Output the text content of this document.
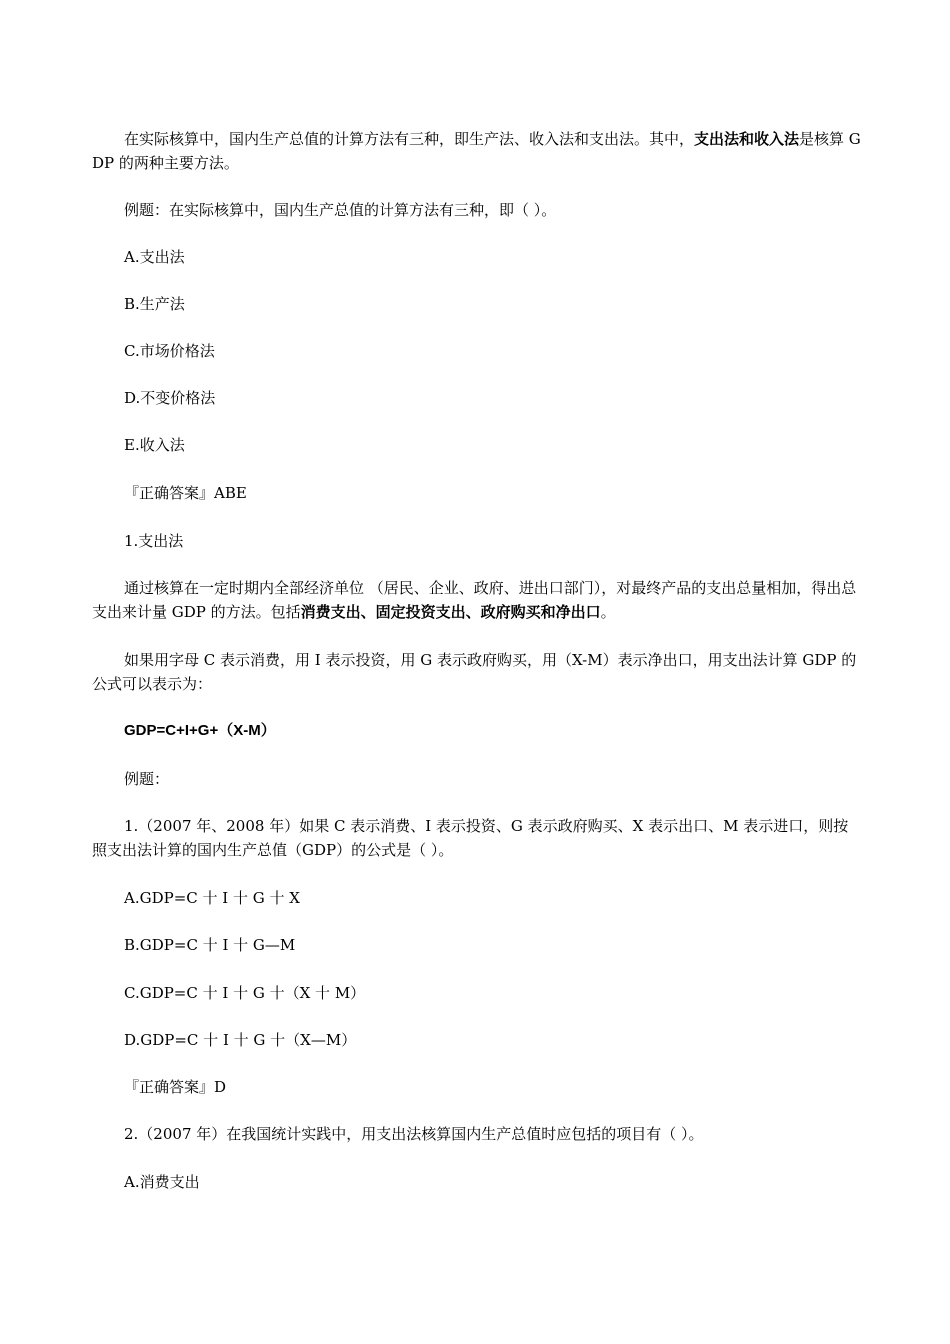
在实际核算中，国内生产总值的计算方法有三种，即生产法、收入法和支出法。其中，支出法和收入法是核算 GDP 的两种主要方法。

例题：在实际核算中，国内生产总值的计算方法有三种，即（ ）。

A.支出法

B.生产法

C.市场价格法

D.不变价格法

E.收入法

『正确答案』ABE

1.支出法

通过核算在一定时期内全部经济单位 （居民、企业、政府、进出口部门），对最终产品的支出总量相加，得出总支出来计量 GDP 的方法。包括消费支出、固定投资支出、政府购买和净出口。

如果用字母 C 表示消费，用 I 表示投资，用 G 表示政府购买，用（X-M）表示净出口，用支出法计算 GDP 的公式可以表示为：

GDP=C+I+G+（X-M）

例题：

1.（2007 年、2008 年）如果 C 表示消费、I 表示投资、G 表示政府购买、X 表示出口、M 表示进口，则按照支出法计算的国内生产总值（GDP）的公式是（ ）。

A.GDP=C 十 I 十 G 十 X

B.GDP=C 十 I 十 G—M

C.GDP=C 十 I 十 G 十（X 十 M）

D.GDP=C 十 I 十 G 十（X—M）

『正确答案』D

2.（2007 年）在我国统计实践中，用支出法核算国内生产总值时应包括的项目有（ ）。

A.消费支出
